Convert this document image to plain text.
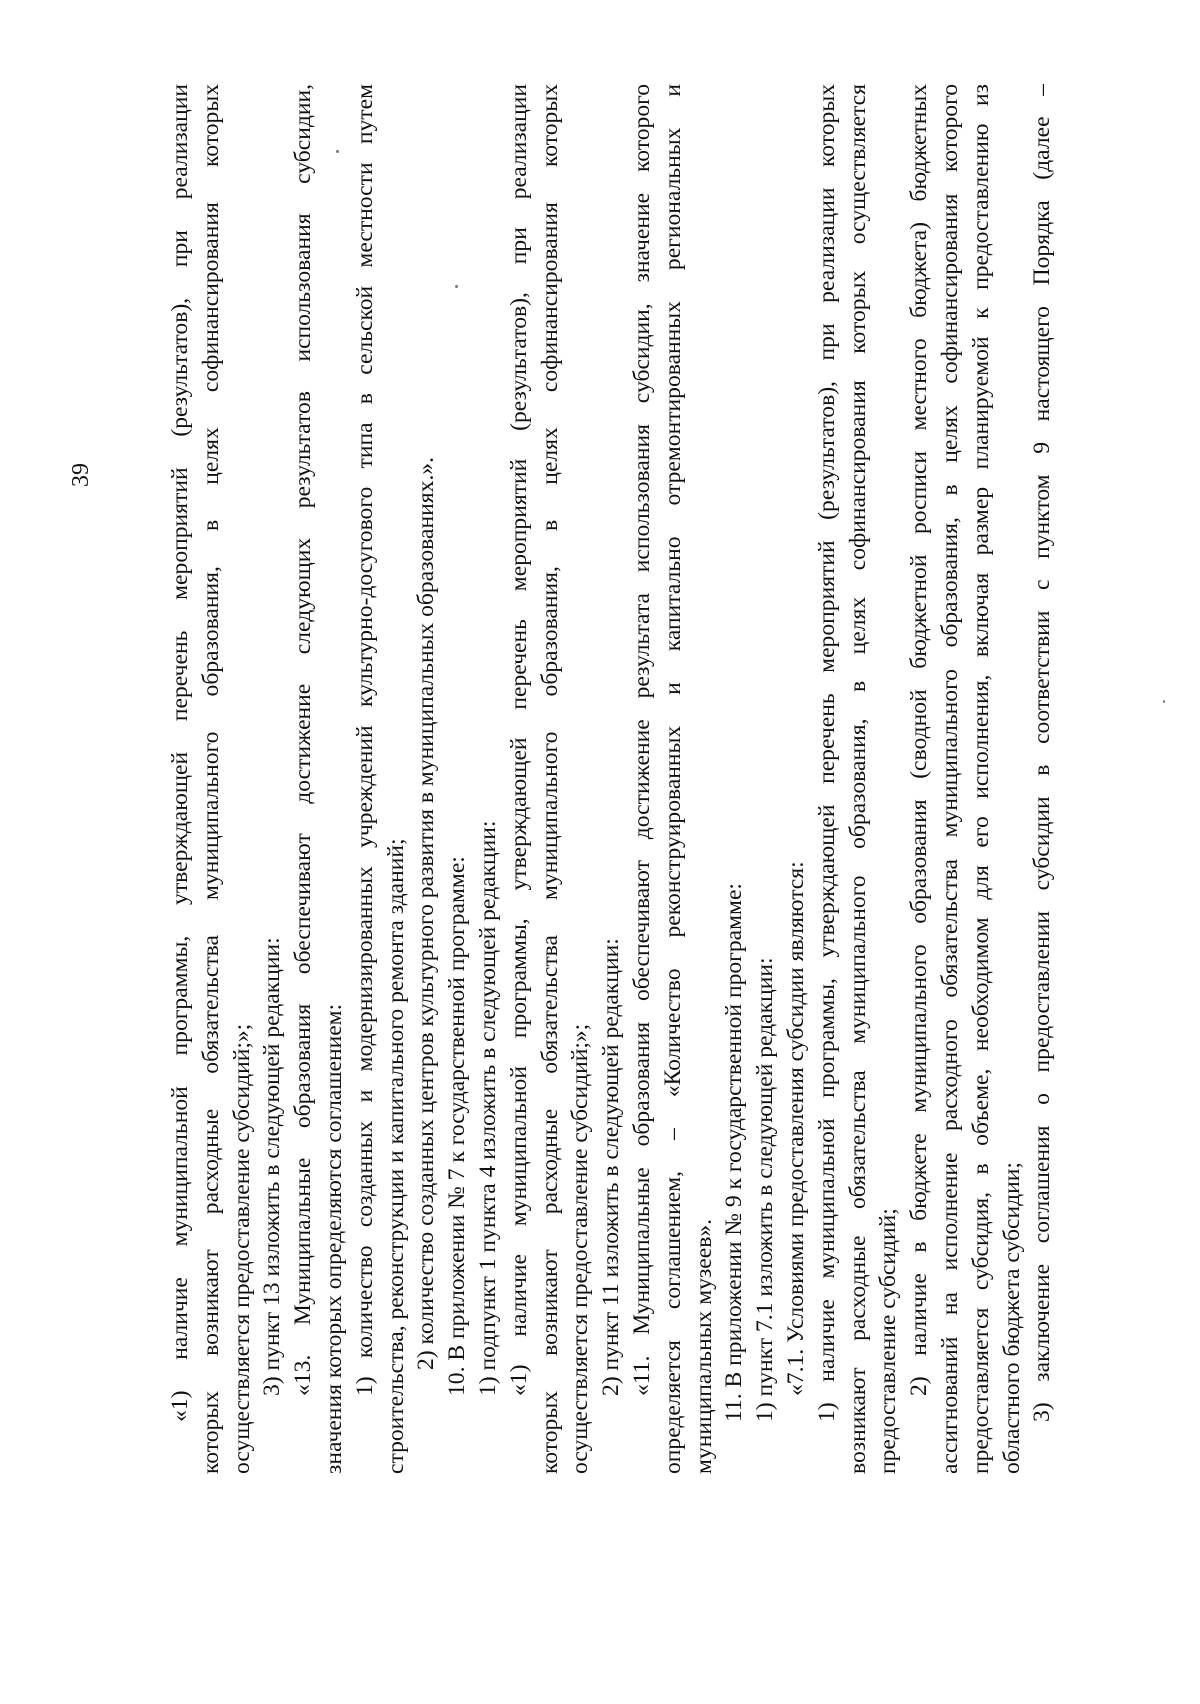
39	«1) наличие муниципальной программы, утверждающей перечень мероприятий (результатов), при реализации которых возникают расходные обязательства муниципального образования, в целях софинансирования которых осуществляется предоставление субсидий;»; 3) пункт 13 изложить в следующей редакции: «13. Муниципальные образования обеспечивают достижение следующих результатов использования субсидии, значения которых определяются соглашением: 1) количество созданных и модернизированных учреждений культурно-досугового типа в сельской местности путем строительства, реконструкции и капитального ремонта зданий; 2) количество созданных центров культурного развития в муниципальных образованиях.». 10. В приложении № 7 к государственной программе: 1) подпункт 1 пункта 4 изложить в следующей редакции: «1) наличие муниципальной программы, утверждающей перечень мероприятий (результатов), при реализации которых возникают расходные обязательства муниципального образования, в целях софинансирования которых осуществляется предоставление субсидий;»; 2) пункт 11 изложить в следующей редакции: «11. Муниципальные образования обеспечивают достижение результата использования субсидии, значение которого определяется соглашением, – «Количество реконструированных и капитально отремонтированных региональных и муниципальных музеев». 11. В приложении № 9 к государственной программе: 1) пункт 7.1 изложить в следующей редакции: «7.1. Условиями предоставления субсидии являются: 1) наличие муниципальной программы, утверждающей перечень мероприятий (результатов), при реализации которых возникают расходные обязательства муниципального образования, в целях софинансирования которых осуществляется предоставление субсидий; 2) наличие в бюджете муниципального образования (сводной бюджетной росписи местного бюджета) бюджетных ассигнований на исполнение расходного обязательства муниципального образования, в целях софинансирования которого предоставляется субсидия, в объеме, необходимом для его исполнения, включая размер планируемой к предоставлению из областного бюджета субсидии; 3) заключение соглашения о предоставлении субсидии в соответствии с пунктом 9 настоящего Порядка (далее –
